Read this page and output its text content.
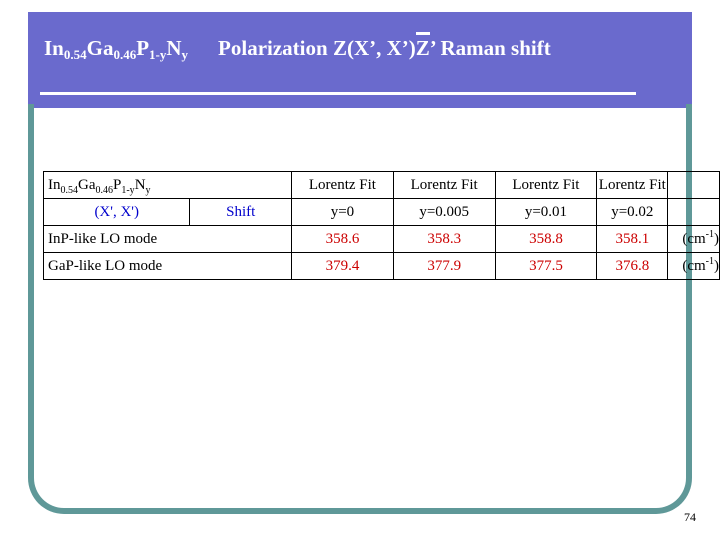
$In_{0.54}Ga_{0.46}P_{1-y}N_y$ Polarization Z(X’, X’)Z’ Raman shift
$In_{0.54}Ga_{0.46}P_{1-y}N_y$		Lorentz Fit	Lorentz Fit	Lorentz Fit	Lorentz Fit	
(X', X')	Shift	y=0	y=0.005	y=0.01	y=0.02	
InP-like LO mode		358.6	358.3	358.8	358.1	$(cm^{-1})$
GaP-like LO mode		379.4	377.9	377.5	376.8	$(cm^{-1})$
74
